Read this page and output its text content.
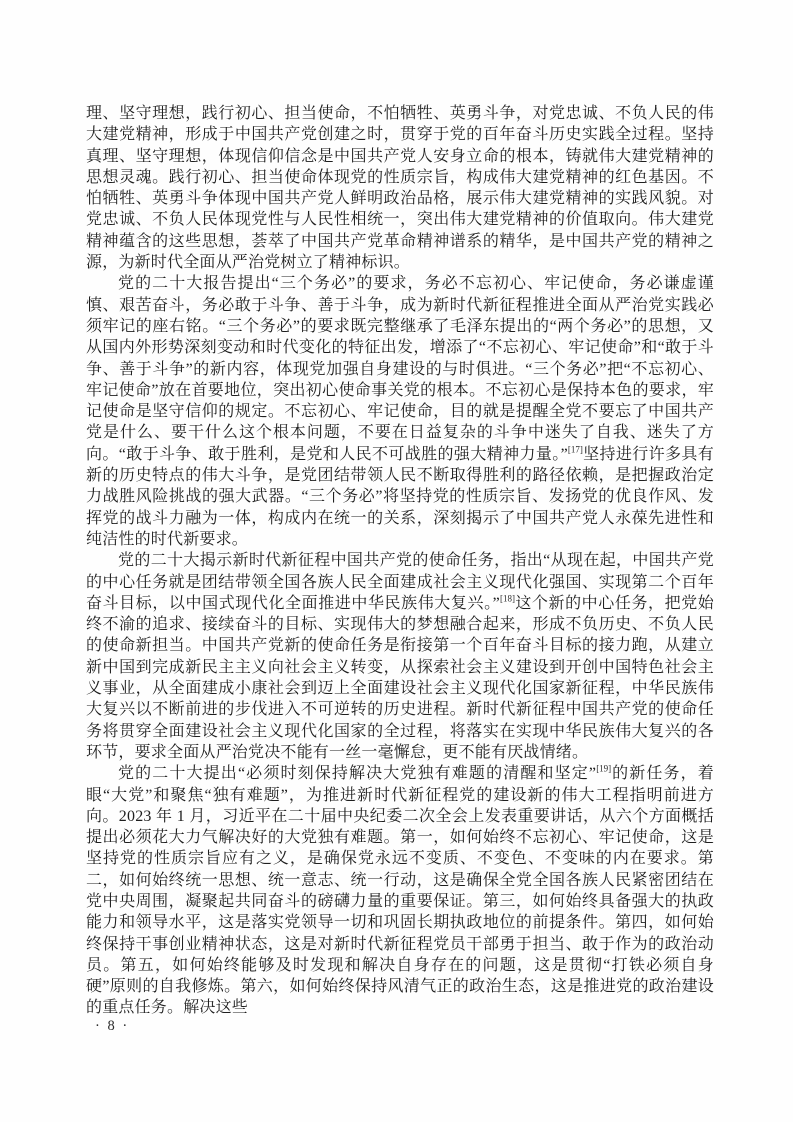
理、坚守理想，践行初心、担当使命，不怕牺牲、英勇斗争，对党忠诚、不负人民的伟大建党精神，形成于中国共产党创建之时，贯穿于党的百年奋斗历史实践全过程。坚持真理、坚守理想，体现信仰信念是中国共产党人安身立命的根本，铸就伟大建党精神的思想灵魂。践行初心、担当使命体现党的性质宗旨，构成伟大建党精神的红色基因。不怕牺牲、英勇斗争体现中国共产党人鲜明政治品格，展示伟大建党精神的实践风貌。对党忠诚、不负人民体现党性与人民性相统一，突出伟大建党精神的价值取向。伟大建党精神蕴含的这些思想，荟萃了中国共产党革命精神谱系的精华，是中国共产党的精神之源，为新时代全面从严治党树立了精神标识。

党的二十大报告提出“三个务必”的要求，务必不忘初心、牢记使命，务必谦虚谨慎、艰苦奋斗，务必敢于斗争、善于斗争，成为新时代新征程推进全面从严治党实践必须牢记的座右铭。“三个务必”的要求既完整继承了毛泽东提出的“两个务必”的思想，又从国内外形势深刻变动和时代变化的特征出发，增添了“不忘初心、牢记使命”和“敢于斗争、善于斗争”的新内容，体现党加强自身建设的与时俱进。“三个务必”把“不忘初心、牢记使命”放在首要地位，突出初心使命事关党的根本。不忘初心是保持本色的要求，牢记使命是坚守信仰的规定。不忘初心、牢记使命，目的就是提醒全党不要忘了中国共产党是什么、要干什么这个根本问题，不要在日益复杂的斗争中迷失了自我、迷失了方向。“敢于斗争、敢于胜利，是党和人民不可战胜的强大精神力量。”[17]坚持进行许多具有新的历史特点的伟大斗争，是党团结带领人民不断取得胜利的路径依赖，是把握政治定力战胜风险挑战的强大武器。“三个务必”将坚持党的性质宗旨、发扬党的优良作风、发挥党的战斗力融为一体，构成内在统一的关系，深刻揭示了中国共产党人永葆先进性和纯洁性的时代新要求。

党的二十大揭示新时代新征程中国共产党的使命任务，指出“从现在起，中国共产党的中心任务就是团结带领全国各族人民全面建成社会主义现代化强国、实现第二个百年奋斗目标，以中国式现代化全面推进中华民族伟大复兴。”[18]这个新的中心任务，把党始终不渝的追求、接续奋斗的目标、实现伟大的梦想融合起来，形成不负历史、不负人民的使命新担当。中国共产党新的使命任务是衔接第一个百年奋斗目标的接力跑，从建立新中国到完成新民主主义向社会主义转变，从探索社会主义建设到开创中国特色社会主义事业，从全面建成小康社会到迈上全面建设社会主义现代化国家新征程，中华民族伟大复兴以不断前进的步伐进入不可逆转的历史进程。新时代新征程中国共产党的使命任务将贯穿全面建设社会主义现代化国家的全过程，将落实在实现中华民族伟大复兴的各环节，要求全面从严治党决不能有一丝一毫懈怠，更不能有厌战情绪。

党的二十大提出“必须时刻保持解决大党独有难题的清醒和坚定”[19]的新任务，着眼“大党”和聚焦“独有难题”，为推进新时代新征程党的建设新的伟大工程指明前进方向。2023 年 1 月，习近平在二十届中央纪委二次全会上发表重要讲话，从六个方面概括提出必须花大力气解决好的大党独有难题。第一，如何始终不忘初心、牢记使命，这是坚持党的性质宗旨应有之义，是确保党永远不变质、不变色、不变味的内在要求。第二，如何始终统一思想、统一意志、统一行动，这是确保全党全国各族人民紧密团结在党中央周围，凝聚起共同奋斗的磅礴力量的重要保证。第三，如何始终具备强大的执政能力和领导水平，这是落实党领导一切和巩固长期执政地位的前提条件。第四，如何始终保持干事创业精神状态，这是对新时代新征程党员干部勇于担当、敢于作为的政治动员。第五，如何始终能够及时发现和解决自身存在的问题，这是贯彻“打铁必须自身硬”原则的自我修炼。第六，如何始终保持风清气正的政治生态，这是推进党的政治建设的重点任务。解决这些

· 8 ·
